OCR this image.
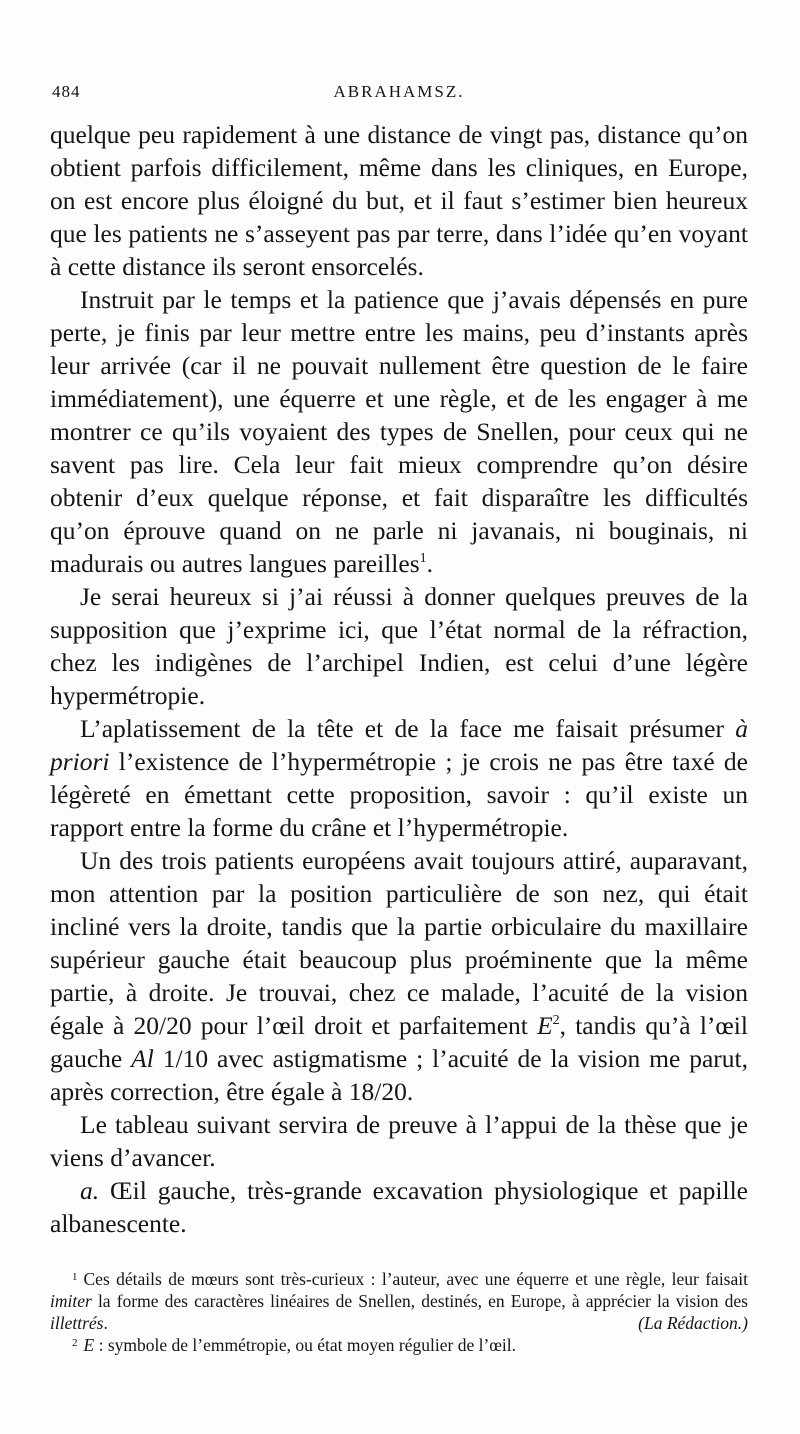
484	ABRAHAMSZ.

quelque peu rapidement à une distance de vingt pas, distance qu’on obtient parfois difficilement, même dans les cliniques, en Europe, on est encore plus éloigné du but, et il faut s’estimer bien heureux que les patients ne s’asseyent pas par terre, dans l’idée qu’en voyant à cette distance ils seront ensorcelés.

Instruit par le temps et la patience que j’avais dépensés en pure perte, je finis par leur mettre entre les mains, peu d’instants après leur arrivée (car il ne pouvait nullement être question de le faire immédiatement), une équerre et une règle, et de les engager à me montrer ce qu’ils voyaient des types de Snellen, pour ceux qui ne savent pas lire. Cela leur fait mieux comprendre qu’on désire obtenir d’eux quelque réponse, et fait disparaître les difficultés qu’on éprouve quand on ne parle ni javanais, ni bouginais, ni madurais ou autres langues pareilles$^1$.

Je serai heureux si j’ai réussi à donner quelques preuves de la supposition que j’exprime ici, que l’état normal de la réfraction, chez les indigènes de l’archipel Indien, est celui d’une légère hypermétropie.

L’aplatissement de la tête et de la face me faisait présumer à priori l’existence de l’hypermétropie ; je crois ne pas être taxé de légèreté en émettant cette proposition, savoir : qu’il existe un rapport entre la forme du crâne et l’hypermétropie.

Un des trois patients européens avait toujours attiré, auparavant, mon attention par la position particulière de son nez, qui était incliné vers la droite, tandis que la partie orbiculaire du maxillaire supérieur gauche était beaucoup plus proéminente que la même partie, à droite. Je trouvai, chez ce malade, l’acuité de la vision égale à 20/20 pour l’œil droit et parfaitement $E^2$, tandis qu’à l’œil gauche Al 1/10 avec astigmatisme ; l’acuité de la vision me parut, après correction, être égale à 18/20.

Le tableau suivant servira de preuve à l’appui de la thèse que je viens d’avancer.

a. Œil gauche, très-grande excavation physiologique et papille albanescente.

$^1$ Ces détails de mœurs sont très-curieux : l’auteur, avec une équerre et une règle, leur faisait imiter la forme des caractères linéaires de Snellen, destinés, en Europe, à apprécier la vision des illettrés.	(La Rédaction.)

$^2$ E : symbole de l’emmétropie, ou état moyen régulier de l’œil.
